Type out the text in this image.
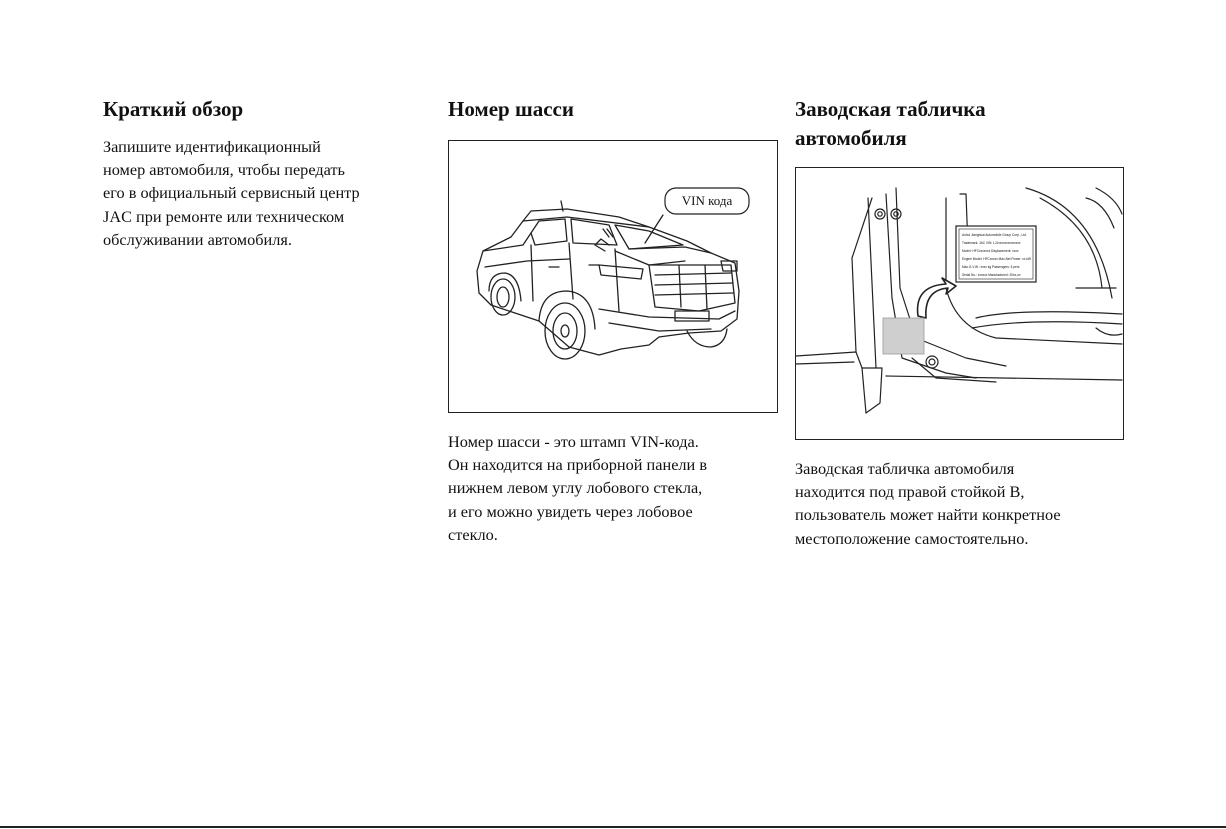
Краткий обзор

Запишите идентификационный
номер автомобиля, чтобы передать
его в официальный сервисный центр
JAC при ремонте или техническом
обслуживании автомобиля.

Номер шасси
VIN кода

Номер шасси - это штамп VIN-кода.
Он находится на приборной панели в
нижнем левом углу лобового стекла,
и его можно увидеть через лобовое
стекло.

Заводская табличка
автомобиля
Anhui Jianghuai Automobile Group Corp., Ltd.
Trademark: JAC VIN: LJ1xxxxxxxxxxxxxx
Model: HFCxxxxxxx Displacement: xxxx
Engine Model: HFCxxxxx Max.Net Power: xx kW
Max.G.V.W.: xxxx kg Passengers: 5 pers
Serial No.: xxxxxx Manufactured: 20xx-xx

Заводская табличка автомобиля
находится под правой стойкой B,
пользователь может найти конкретное
местоположение самостоятельно.
